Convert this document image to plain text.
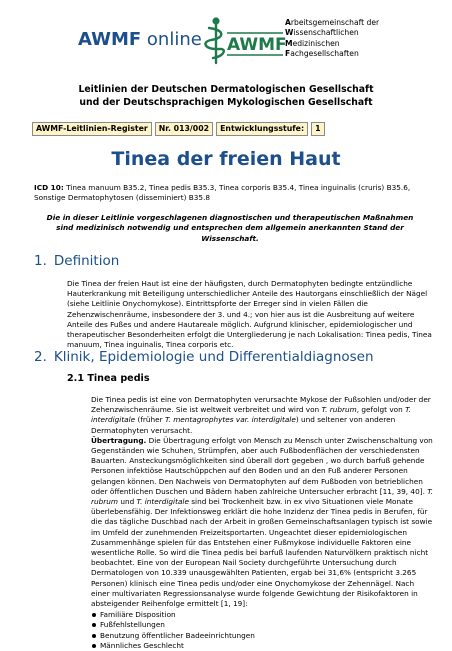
AWMF online AWMF
Arbeitsgemeinschaft der
Wissenschaftlichen
Medizinischen
Fachgesellschaften
Leitlinien der Deutschen Dermatologischen Gesellschaft
und der Deutschsprachigen Mykologischen Gesellschaft
AWMF-Leitlinien-Register	Nr. 013/002	Entwicklungsstufe:	1
Tinea der freien Haut
ICD 10: Tinea manuum B35.2, Tinea pedis B35.3, Tinea corporis B35.4, Tinea inguinalis (cruris) B35.6,
Sonstige Dermatophytosen (disseminiert) B35.8
Die in dieser Leitlinie vorgeschlagenen diagnostischen und therapeutischen Maßnahmen
sind medizinisch notwendig und entsprechen dem allgemein anerkannten Stand der
Wissenschaft.
1. Definition
Die Tinea der freien Haut ist eine der häufigsten, durch Dermatophyten bedingte entzündliche
Hauterkrankung mit Beteiligung unterschiedlicher Anteile des Hautorgans einschließlich der Nägel
(siehe Leitlinie Onychomykose). Eintrittspforte der Erreger sind in vielen Fällen die
Zehenzwischenräume, insbesondere der 3. und 4.; von hier aus ist die Ausbreitung auf weitere
Anteile des Fußes und andere Hautareale möglich. Aufgrund klinischer, epidemiologischer und
therapeutischer Besonderheiten erfolgt die Untergliederung je nach Lokalisation: Tinea pedis, Tinea
manuum, Tinea inguinalis, Tinea corporis etc.
2. Klinik, Epidemiologie und Differentialdiagnosen
2.1 Tinea pedis
Die Tinea pedis ist eine von Dermatophyten verursachte Mykose der Fußsohlen und/oder der
Zehenzwischenräume. Sie ist weltweit verbreitet und wird von T. rubrum, gefolgt von T.
interdigitale (früher T. mentagrophytes var. interdigitale) und seltener von anderen
Dermatophyten verursacht.
Übertragung. Die Übertragung erfolgt von Mensch zu Mensch unter Zwischenschaltung von
Gegenständen wie Schuhen, Strümpfen, aber auch Fußbodenflächen der verschiedensten
Bauarten. Ansteckungsmöglichkeiten sind überall dort gegeben , wo durch barfuß gehende
Personen infektiöse Hautschüppchen auf den Boden und an den Fuß anderer Personen
gelangen können. Den Nachweis von Dermatophyten auf dem Fußboden von betrieblichen
oder öffentlichen Duschen und Bädern haben zahlreiche Untersucher erbracht [11, 39, 40]. T.
rubrum und T. interdigitale sind bei Trockenheit bzw. in ex vivo Situationen viele Monate
überlebensfähig. Der Infektionsweg erklärt die hohe Inzidenz der Tinea pedis in Berufen, für
die das tägliche Duschbad nach der Arbeit in großen Gemeinschaftsanlagen typisch ist sowie
im Umfeld der zunehmenden Freizeitsportarten. Ungeachtet dieser epidemiologischen
Zusammenhänge spielen für das Entstehen einer Fußmykose individuelle Faktoren eine
wesentliche Rolle. So wird die Tinea pedis bei barfuß laufenden Naturvölkern praktisch nicht
beobachtet. Eine von der European Nail Society durchgeführte Untersuchung durch
Dermatologen von 10.339 unausgewählten Patienten, ergab bei 31,6% (entspricht 3.265
Personen) klinisch eine Tinea pedis und/oder eine Onychomykose der Zehennägel. Nach
einer multivariaten Regressionsanalyse wurde folgende Gewichtung der Risikofaktoren in
absteigender Reihenfolge ermittelt [1, 19]:
Familiäre Disposition
Fußfehlstellungen
Benutzung öffentlicher Badeeinrichtungen
Männliches Geschlecht
